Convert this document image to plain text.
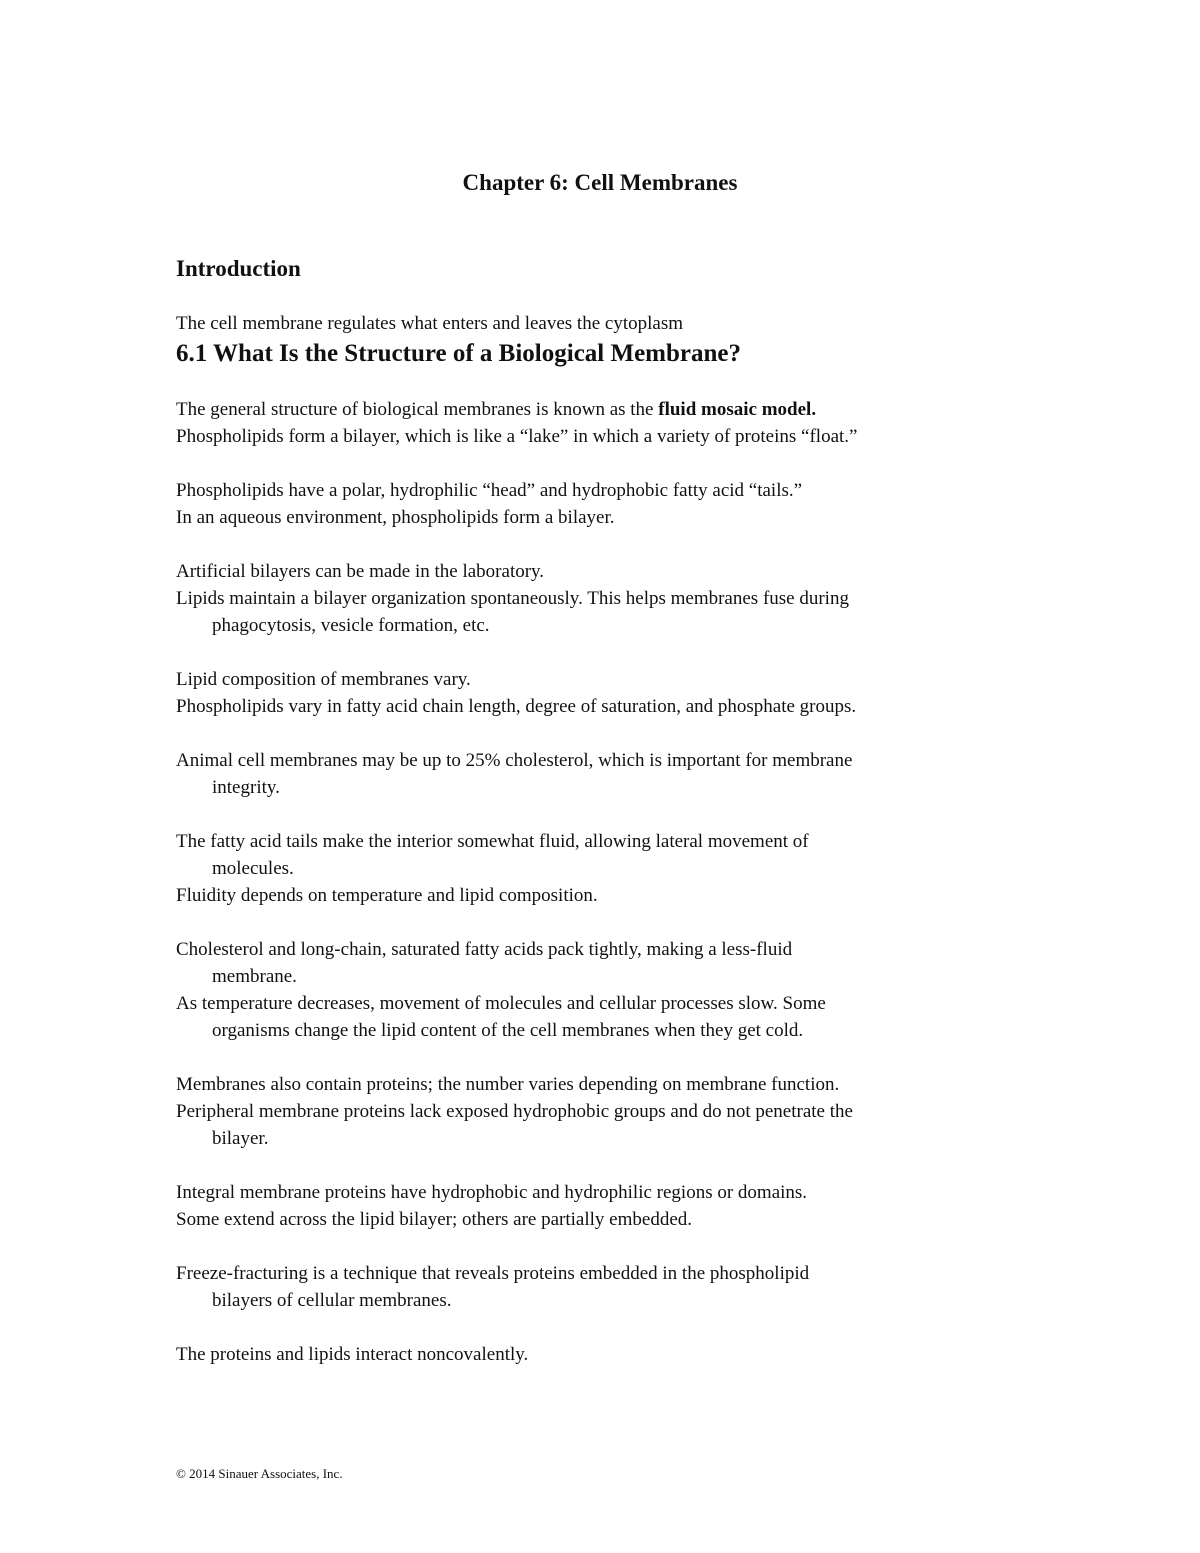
Chapter 6: Cell Membranes
Introduction
The cell membrane regulates what enters and leaves the cytoplasm
6.1 What Is the Structure of a Biological Membrane?
The general structure of biological membranes is known as the fluid mosaic model.
Phospholipids form a bilayer, which is like a “lake” in which a variety of proteins “float.”
Phospholipids have a polar, hydrophilic “head” and hydrophobic fatty acid “tails.”
In an aqueous environment, phospholipids form a bilayer.
Artificial bilayers can be made in the laboratory.
Lipids maintain a bilayer organization spontaneously. This helps membranes fuse during
phagocytosis, vesicle formation, etc.
Lipid composition of membranes vary.
Phospholipids vary in fatty acid chain length, degree of saturation, and phosphate groups.
Animal cell membranes may be up to 25% cholesterol, which is important for membrane
integrity.
The fatty acid tails make the interior somewhat fluid, allowing lateral movement of
molecules.
Fluidity depends on temperature and lipid composition.
Cholesterol and long-chain, saturated fatty acids pack tightly, making a less-fluid
membrane.
As temperature decreases, movement of molecules and cellular processes slow. Some
organisms change the lipid content of the cell membranes when they get cold.
Membranes also contain proteins; the number varies depending on membrane function.
Peripheral membrane proteins lack exposed hydrophobic groups and do not penetrate the
bilayer.
Integral membrane proteins have hydrophobic and hydrophilic regions or domains.
Some extend across the lipid bilayer; others are partially embedded.
Freeze-fracturing is a technique that reveals proteins embedded in the phospholipid
bilayers of cellular membranes.
The proteins and lipids interact noncovalently.
© 2014 Sinauer Associates, Inc.
